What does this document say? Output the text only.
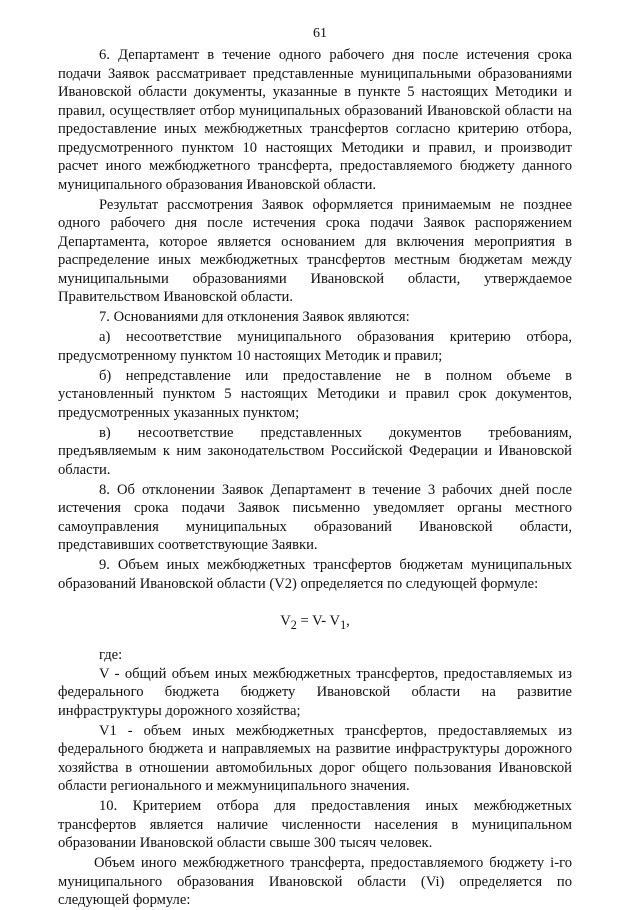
61

6. Департамент в течение одного рабочего дня после истечения срока подачи Заявок рассматривает представленные муниципальными образованиями Ивановской области документы, указанные в пункте 5 настоящих Методики и правил, осуществляет отбор муниципальных образований Ивановской области на предоставление иных межбюджетных трансфертов согласно критерию отбора, предусмотренного пунктом 10 настоящих Методики и правил, и производит расчет иного межбюджетного трансферта, предоставляемого бюджету данного муниципального образования Ивановской области.

Результат рассмотрения Заявок оформляется принимаемым не позднее одного рабочего дня после истечения срока подачи Заявок распоряжением Департамента, которое является основанием для включения мероприятия в распределение иных межбюджетных трансфертов местным бюджетам между муниципальными образованиями Ивановской области, утверждаемое Правительством Ивановской области.

7. Основаниями для отклонения Заявок являются:

а) несоответствие муниципального образования критерию отбора, предусмотренному пунктом 10 настоящих Методик и правил;

б) непредставление или предоставление не в полном объеме в установленный пунктом 5 настоящих Методики и правил срок документов, предусмотренных указанных пунктом;

в) несоответствие представленных документов требованиям, предъявляемым к ним законодательством Российской Федерации и Ивановской области.

8. Об отклонении Заявок Департамент в течение 3 рабочих дней после истечения срока подачи Заявок письменно уведомляет органы местного самоуправления муниципальных образований Ивановской области, представивших соответствующие Заявки.

9. Объем иных межбюджетных трансфертов бюджетам муниципальных образований Ивановской области (V2) определяется по следующей формуле:

$V_2 = V-$ $V_1$,

где:

V - общий объем иных межбюджетных трансфертов, предоставляемых из федерального бюджета бюджету Ивановской области на развитие инфраструктуры дорожного хозяйства;

V1 - объем иных межбюджетных трансфертов, предоставляемых из федерального бюджета и направляемых на развитие инфраструктуры дорожного хозяйства в отношении автомобильных дорог общего пользования Ивановской области регионального и межмуниципального значения.

10. Критерием отбора для предоставления иных межбюджетных трансфертов является наличие численности населения в муниципальном образовании Ивановской области свыше 300 тысяч человек.

Объем иного межбюджетного трансферта, предоставляемого бюджету i-го муниципального образования Ивановской области (Vi) определяется по следующей формуле:
